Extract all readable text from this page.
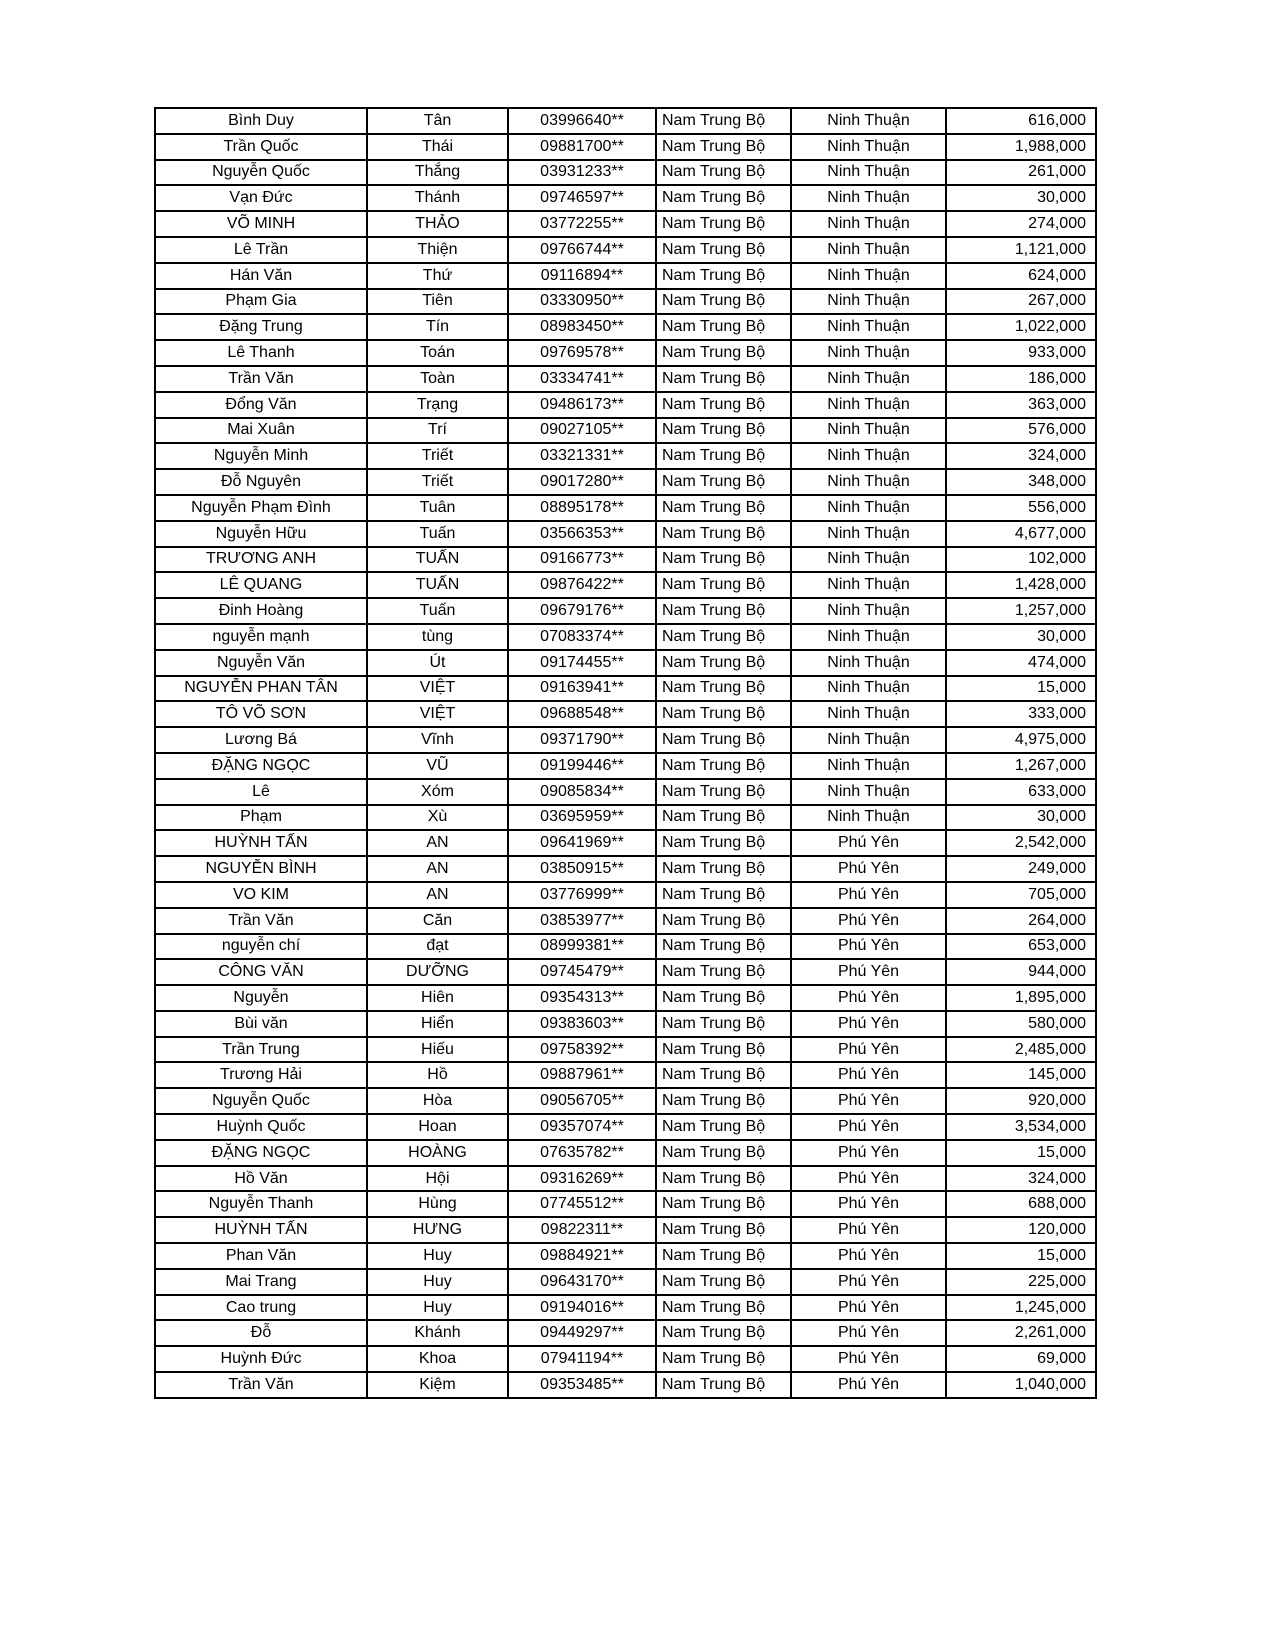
Bình Duy	Tân	03996640**	Nam Trung Bộ	Ninh Thuận	616,000
Trần Quốc	Thái	09881700**	Nam Trung Bộ	Ninh Thuận	1,988,000
Nguyễn Quốc	Thắng	03931233**	Nam Trung Bộ	Ninh Thuận	261,000
Vạn Đức	Thánh	09746597**	Nam Trung Bộ	Ninh Thuận	30,000
VÕ MINH	THẢO	03772255**	Nam Trung Bộ	Ninh Thuận	274,000
Lê Trần	Thiện	09766744**	Nam Trung Bộ	Ninh Thuận	1,121,000
Hán Văn	Thứ	09116894**	Nam Trung Bộ	Ninh Thuận	624,000
Phạm Gia	Tiên	03330950**	Nam Trung Bộ	Ninh Thuận	267,000
Đặng Trung	Tín	08983450**	Nam Trung Bộ	Ninh Thuận	1,022,000
Lê Thanh	Toán	09769578**	Nam Trung Bộ	Ninh Thuận	933,000
Trần Văn	Toàn	03334741**	Nam Trung Bộ	Ninh Thuận	186,000
Đổng Văn	Trạng	09486173**	Nam Trung Bộ	Ninh Thuận	363,000
Mai Xuân	Trí	09027105**	Nam Trung Bộ	Ninh Thuận	576,000
Nguyễn Minh	Triết	03321331**	Nam Trung Bộ	Ninh Thuận	324,000
Đỗ Nguyên	Triết	09017280**	Nam Trung Bộ	Ninh Thuận	348,000
Nguyễn Phạm Đình	Tuân	08895178**	Nam Trung Bộ	Ninh Thuận	556,000
Nguyễn Hữu	Tuấn	03566353**	Nam Trung Bộ	Ninh Thuận	4,677,000
TRƯƠNG ANH	TUẤN	09166773**	Nam Trung Bộ	Ninh Thuận	102,000
LÊ QUANG	TUẤN	09876422**	Nam Trung Bộ	Ninh Thuận	1,428,000
Đinh Hoàng	Tuấn	09679176**	Nam Trung Bộ	Ninh Thuận	1,257,000
nguyễn mạnh	tùng	07083374**	Nam Trung Bộ	Ninh Thuận	30,000
Nguyễn Văn	Út	09174455**	Nam Trung Bộ	Ninh Thuận	474,000
NGUYỄN PHAN TÂN	VIỆT	09163941**	Nam Trung Bộ	Ninh Thuận	15,000
TÔ VÕ SƠN	VIỆT	09688548**	Nam Trung Bộ	Ninh Thuận	333,000
Lương Bá	Vĩnh	09371790**	Nam Trung Bộ	Ninh Thuận	4,975,000
ĐẶNG NGỌC	VŨ	09199446**	Nam Trung Bộ	Ninh Thuận	1,267,000
Lê	Xóm	09085834**	Nam Trung Bộ	Ninh Thuận	633,000
Phạm	Xù	03695959**	Nam Trung Bộ	Ninh Thuận	30,000
HUỲNH TẤN	AN	09641969**	Nam Trung Bộ	Phú Yên	2,542,000
NGUYỄN BÌNH	AN	03850915**	Nam Trung Bộ	Phú Yên	249,000
VO KIM	AN	03776999**	Nam Trung Bộ	Phú Yên	705,000
Trần Văn	Căn	03853977**	Nam Trung Bộ	Phú Yên	264,000
nguyễn chí	đạt	08999381**	Nam Trung Bộ	Phú Yên	653,000
CÔNG VĂN	DƯỠNG	09745479**	Nam Trung Bộ	Phú Yên	944,000
Nguyễn	Hiên	09354313**	Nam Trung Bộ	Phú Yên	1,895,000
Bùi văn	Hiển	09383603**	Nam Trung Bộ	Phú Yên	580,000
Trần Trung	Hiếu	09758392**	Nam Trung Bộ	Phú Yên	2,485,000
Trương Hải	Hồ	09887961**	Nam Trung Bộ	Phú Yên	145,000
Nguyễn Quốc	Hòa	09056705**	Nam Trung Bộ	Phú Yên	920,000
Huỳnh Quốc	Hoan	09357074**	Nam Trung Bộ	Phú Yên	3,534,000
ĐẶNG NGỌC	HOÀNG	07635782**	Nam Trung Bộ	Phú Yên	15,000
Hồ Văn	Hội	09316269**	Nam Trung Bộ	Phú Yên	324,000
Nguyễn Thanh	Hùng	07745512**	Nam Trung Bộ	Phú Yên	688,000
HUỲNH TẤN	HƯNG	09822311**	Nam Trung Bộ	Phú Yên	120,000
Phan Văn	Huy	09884921**	Nam Trung Bộ	Phú Yên	15,000
Mai Trang	Huy	09643170**	Nam Trung Bộ	Phú Yên	225,000
Cao trung	Huy	09194016**	Nam Trung Bộ	Phú Yên	1,245,000
Đỗ	Khánh	09449297**	Nam Trung Bộ	Phú Yên	2,261,000
Huỳnh Đức	Khoa	07941194**	Nam Trung Bộ	Phú Yên	69,000
Trần Văn	Kiệm	09353485**	Nam Trung Bộ	Phú Yên	1,040,000
